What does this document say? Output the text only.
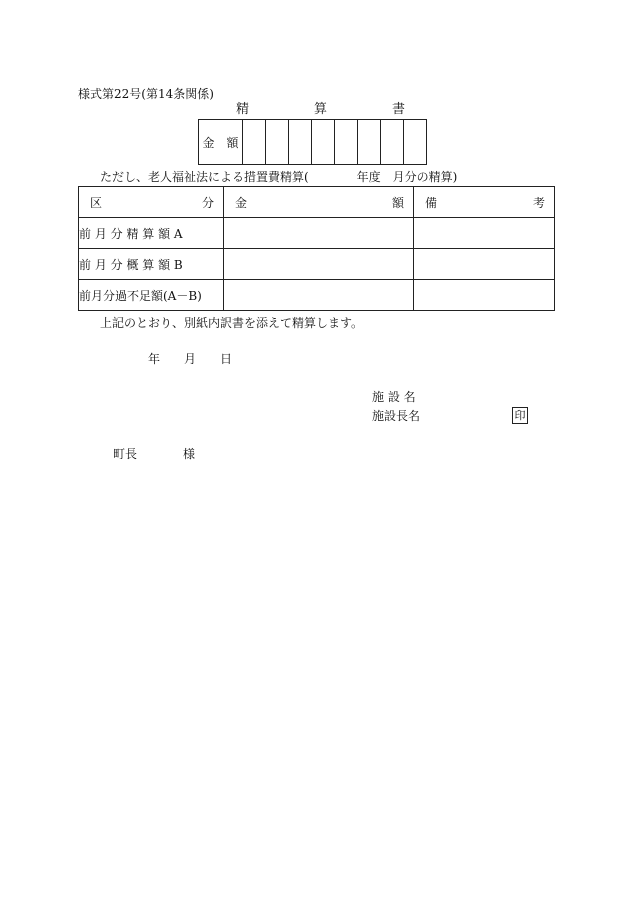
様式第22号(第14条関係)
精　　　　　算　　　　　書
金　額								
ただし、老人福祉法による措置費精算(　　　　年度　月分の精算)
区 分	金 額	備 考

前 月 分 精 算 額 A		
前 月 分 概 算 額 B		
前月分過不足額(A－B)		
上記のとおり、別紙内訳書を添えて精算します。
年 月 日
施 設 名
施設長名	印
町長	様
